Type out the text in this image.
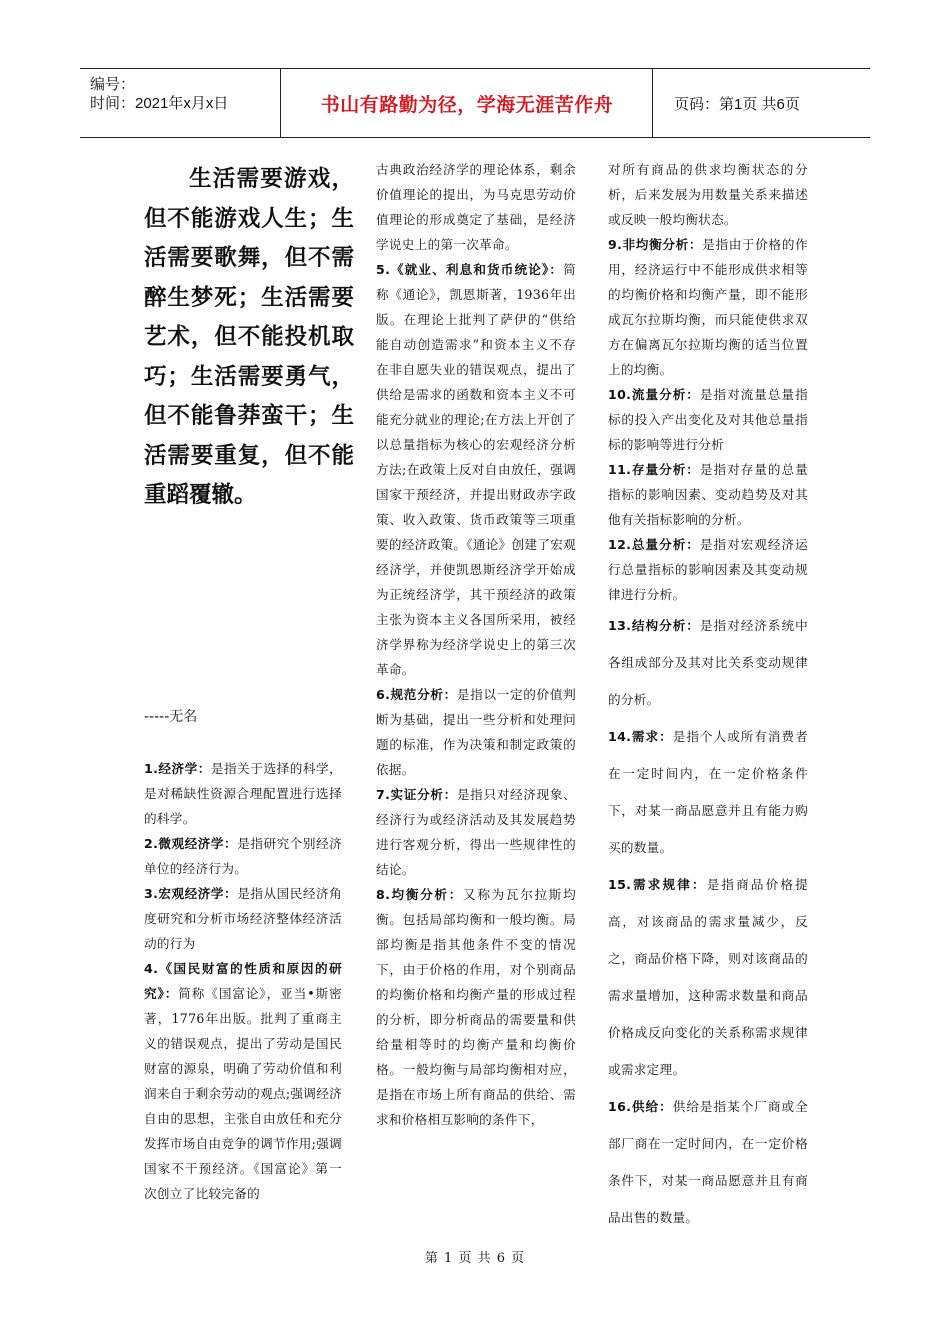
编号：
时间：2021年x月x日	书山有路勤为径，学海无涯苦作舟	页码：第1页 共6页
生活需要游戏，但不能游戏人生；生活需要歌舞，但不需醉生梦死；生活需要艺术，但不能投机取巧；生活需要勇气，但不能鲁莽蛮干；生活需要重复，但不能重蹈覆辙。
-----无名

1.经济学：是指关于选择的科学，是对稀缺性资源合理配置进行选择的科学。

2.微观经济学：是指研究个别经济单位的经济行为。

3.宏观经济学：是指从国民经济角度研究和分析市场经济整体经济活动的行为

4.《国民财富的性质和原因的研究》：简称《国富论》，亚当•斯密著，1776年出版。批判了重商主义的错误观点，提出了劳动是国民财富的源泉，明确了劳动价值和利润来自于剩余劳动的观点;强调经济自由的思想，主张自由放任和充分发挥市场自由竞争的调节作用;强调国家不干预经济。《国富论》第一次创立了比较完备的

古典政治经济学的理论体系，剩余价值理论的提出，为马克思劳动价值理论的形成奠定了基础，是经济学说史上的第一次革命。

5.《就业、利息和货币统论》：简称《通论》，凯恩斯著，1936年出版。在理论上批判了萨伊的“供给能自动创造需求”和资本主义不存在非自愿失业的错误观点，提出了供给是需求的函数和资本主义不可能充分就业的理论;在方法上开创了以总量指标为核心的宏观经济分析方法;在政策上反对自由放任，强调国家干预经济，并提出财政赤字政策、收入政策、货币政策等三项重要的经济政策。《通论》创建了宏观经济学，并使凯恩斯经济学开始成为正统经济学，其干预经济的政策主张为资本主义各国所采用，被经济学界称为经济学说史上的第三次革命。

6.规范分析：是指以一定的价值判断为基础，提出一些分析和处理问题的标准，作为决策和制定政策的依据。

7.实证分析：是指只对经济现象、经济行为或经济活动及其发展趋势进行客观分析，得出一些规律性的结论。

8.均衡分析：又称为瓦尔拉斯均衡。包括局部均衡和一般均衡。局部均衡是指其他条件不变的情况下，由于价格的作用，对个别商品的均衡价格和均衡产量的形成过程的分析，即分析商品的需要量和供给量相等时的均衡产量和均衡价格。一般均衡与局部均衡相对应，是指在市场上所有商品的供给、需求和价格相互影响的条件下，

对所有商品的供求均衡状态的分析，后来发展为用数量关系来描述或反映一般均衡状态。

9.非均衡分析：是指由于价格的作用，经济运行中不能形成供求相等的均衡价格和均衡产量，即不能形成瓦尔拉斯均衡，而只能使供求双方在偏离瓦尔拉斯均衡的适当位置上的均衡。

10.流量分析：是指对流量总量指标的投入产出变化及对其他总量指标的影响等进行分析

11.存量分析：是指对存量的总量指标的影响因素、变动趋势及对其他有关指标影响的分析。

12.总量分析：是指对宏观经济运行总量指标的影响因素及其变动规律进行分析。

13.结构分析：是指对经济系统中各组成部分及其对比关系变动规律的分析。

14.需求：是指个人或所有消费者在一定时间内，在一定价格条件下，对某一商品愿意并且有能力购买的数量。

15.需求规律：是指商品价格提高，对该商品的需求量减少，反之，商品价格下降，则对该商品的需求量增加，这种需求数量和商品价格成反向变化的关系称需求规律或需求定理。

16.供给：供给是指某个厂商或全部厂商在一定时间内，在一定价格条件下，对某一商品愿意并且有商品出售的数量。

第 1 页 共 6 页
